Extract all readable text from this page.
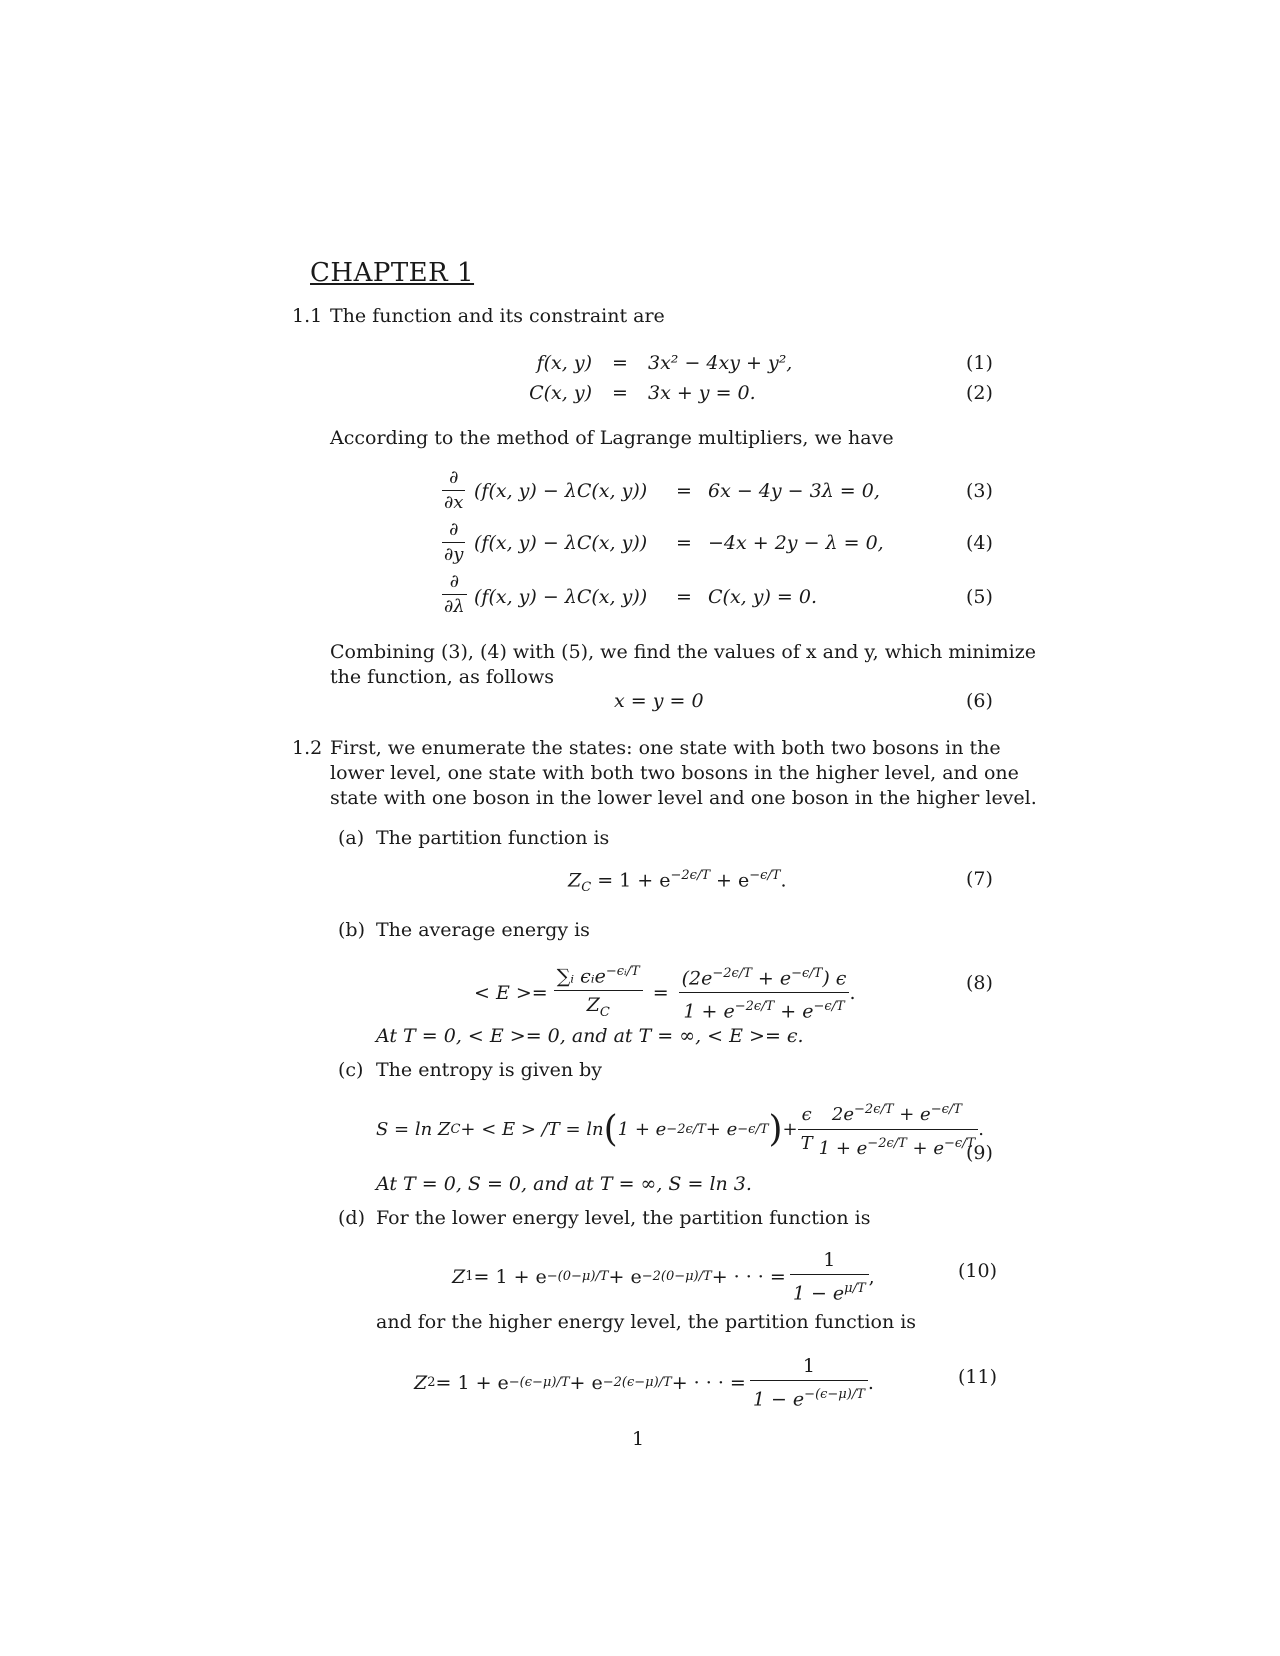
CHAPTER 1
1.1 The function and its constraint are
f(x, y) = 3x² − 4xy + y²,	(1)
C(x, y) = 3x + y = 0.	(2)
According to the method of Lagrange multipliers, we have
∂
∂x
(f(x, y) − λC(x, y)) = 6x − 4y − 3λ = 0,	(3)
∂
∂y
(f(x, y) − λC(x, y)) = −4x + 2y − λ = 0,	(4)
∂
∂λ (f(x, y) − λC(x, y)) = C(x, y) = 0.	(5)
Combining (3), (4) with (5), we find the values of x and y, which minimize
the function, as follows
x = y = 0	(6)
1.2 First, we enumerate the states: one state with both two bosons in the
lower level, one state with both two bosons in the higher level, and one
state with one boson in the lower level and one boson in the higher level.
(a) The partition function is
$Z_C = 1 + e^{-2\epsilon/T} + e^{-\epsilon/T}$.	(7)
(b) The average energy is
< $E >= \frac{\sum ᵢ \epsilon ᵢe^{-\epsilon ᵢ/T}}{Z_C} = \frac{(2e^{-2\epsilon/T} + e^{-\epsilon/T}) \epsilon}{1 + e^{-2\epsilon/T} + e^{-\epsilon/T}}$ .	(8)
At T = 0, < E >= 0, and at T = ∞, < E >= ϵ.
(c) The entropy is given by
S = ln Z C + < E > /T = ln ( 1 + e −2ϵ/T + e −ϵ/T ) + $\frac{\epsilon}{T} \frac{2e^{-2\epsilon/T} + e^{-\epsilon/T}}{1 + e^{-2\epsilon/T} + e^{-\epsilon/T}}$ .
(9)
At T = 0, S = 0, and at T = ∞, S = ln 3.
(d) For the lower energy level, the partition function is
Z 1 = 1 + e −(0−μ)/T + e −2(0−μ)/T + · · · = $\frac{1}{1 - e^{\mu/T}}$ ,	(10)
and for the higher energy level, the partition function is
Z 2 = 1 + e −(ϵ−μ)/T + e −2(ϵ−μ)/T + · · · = $\frac{1}{1 - e^{-(\epsilon-\mu)/T}}$ .	(11)
1
